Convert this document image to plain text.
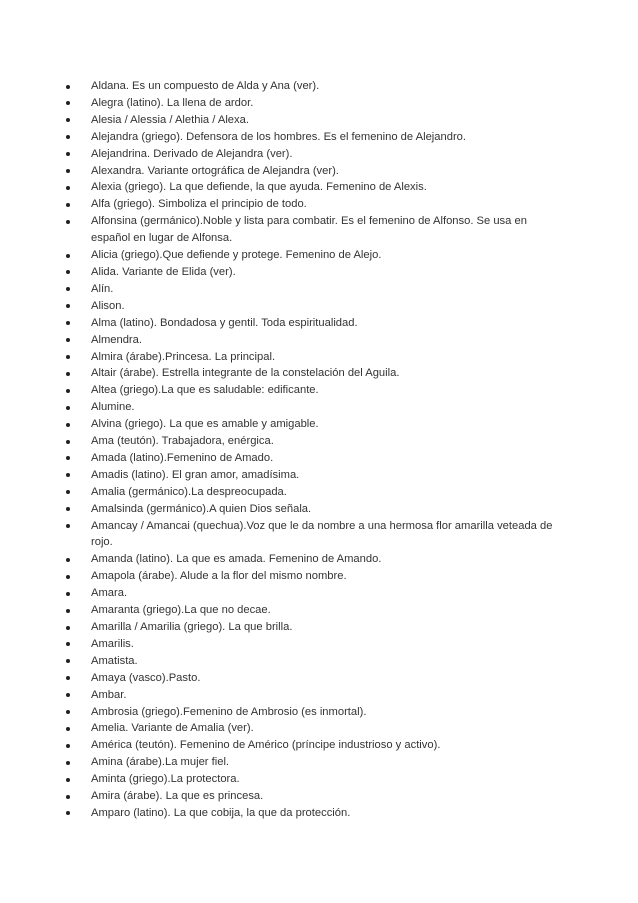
Aldana. Es un compuesto de Alda y Ana (ver).
Alegra (latino). La llena de ardor.
Alesia / Alessia / Alethia / Alexa.
Alejandra (griego). Defensora de los hombres. Es el femenino de Alejandro.
Alejandrina. Derivado de Alejandra (ver).
Alexandra. Variante ortográfica de Alejandra (ver).
Alexia (griego). La que defiende, la que ayuda. Femenino de Alexis.
Alfa (griego). Simboliza el principio de todo.
Alfonsina (germánico).Noble y lista para combatir. Es el femenino de Alfonso. Se usa en español en lugar de Alfonsa.
Alicia (griego).Que defiende y protege. Femenino de Alejo.
Alida. Variante de Elida (ver).
Alín.
Alison.
Alma (latino). Bondadosa y gentil. Toda espiritualidad.
Almendra.
Almira (árabe).Princesa. La principal.
Altair (árabe). Estrella integrante de la constelación del Aguila.
Altea (griego).La que es saludable: edificante.
Alumine.
Alvina (griego). La que es amable y amigable.
Ama (teutón). Trabajadora, enérgica.
Amada (latino).Femenino de Amado.
Amadis (latino). El gran amor, amadísima.
Amalia (germánico).La despreocupada.
Amalsinda (germánico).A quien Dios señala.
Amancay / Amancai (quechua).Voz que le da nombre a una hermosa flor amarilla veteada de rojo.
Amanda (latino). La que es amada. Femenino de Amando.
Amapola (árabe). Alude a la flor del mismo nombre.
Amara.
Amaranta (griego).La que no decae.
Amarilla / Amarilia (griego). La que brilla.
Amarilis.
Amatista.
Amaya (vasco).Pasto.
Ambar.
Ambrosia (griego).Femenino de Ambrosio (es inmortal).
Amelia. Variante de Amalia (ver).
América (teutón). Femenino de Américo (príncipe industrioso y activo).
Amina (árabe).La mujer fiel.
Aminta (griego).La protectora.
Amira (árabe). La que es princesa.
Amparo (latino). La que cobija, la que da protección.
